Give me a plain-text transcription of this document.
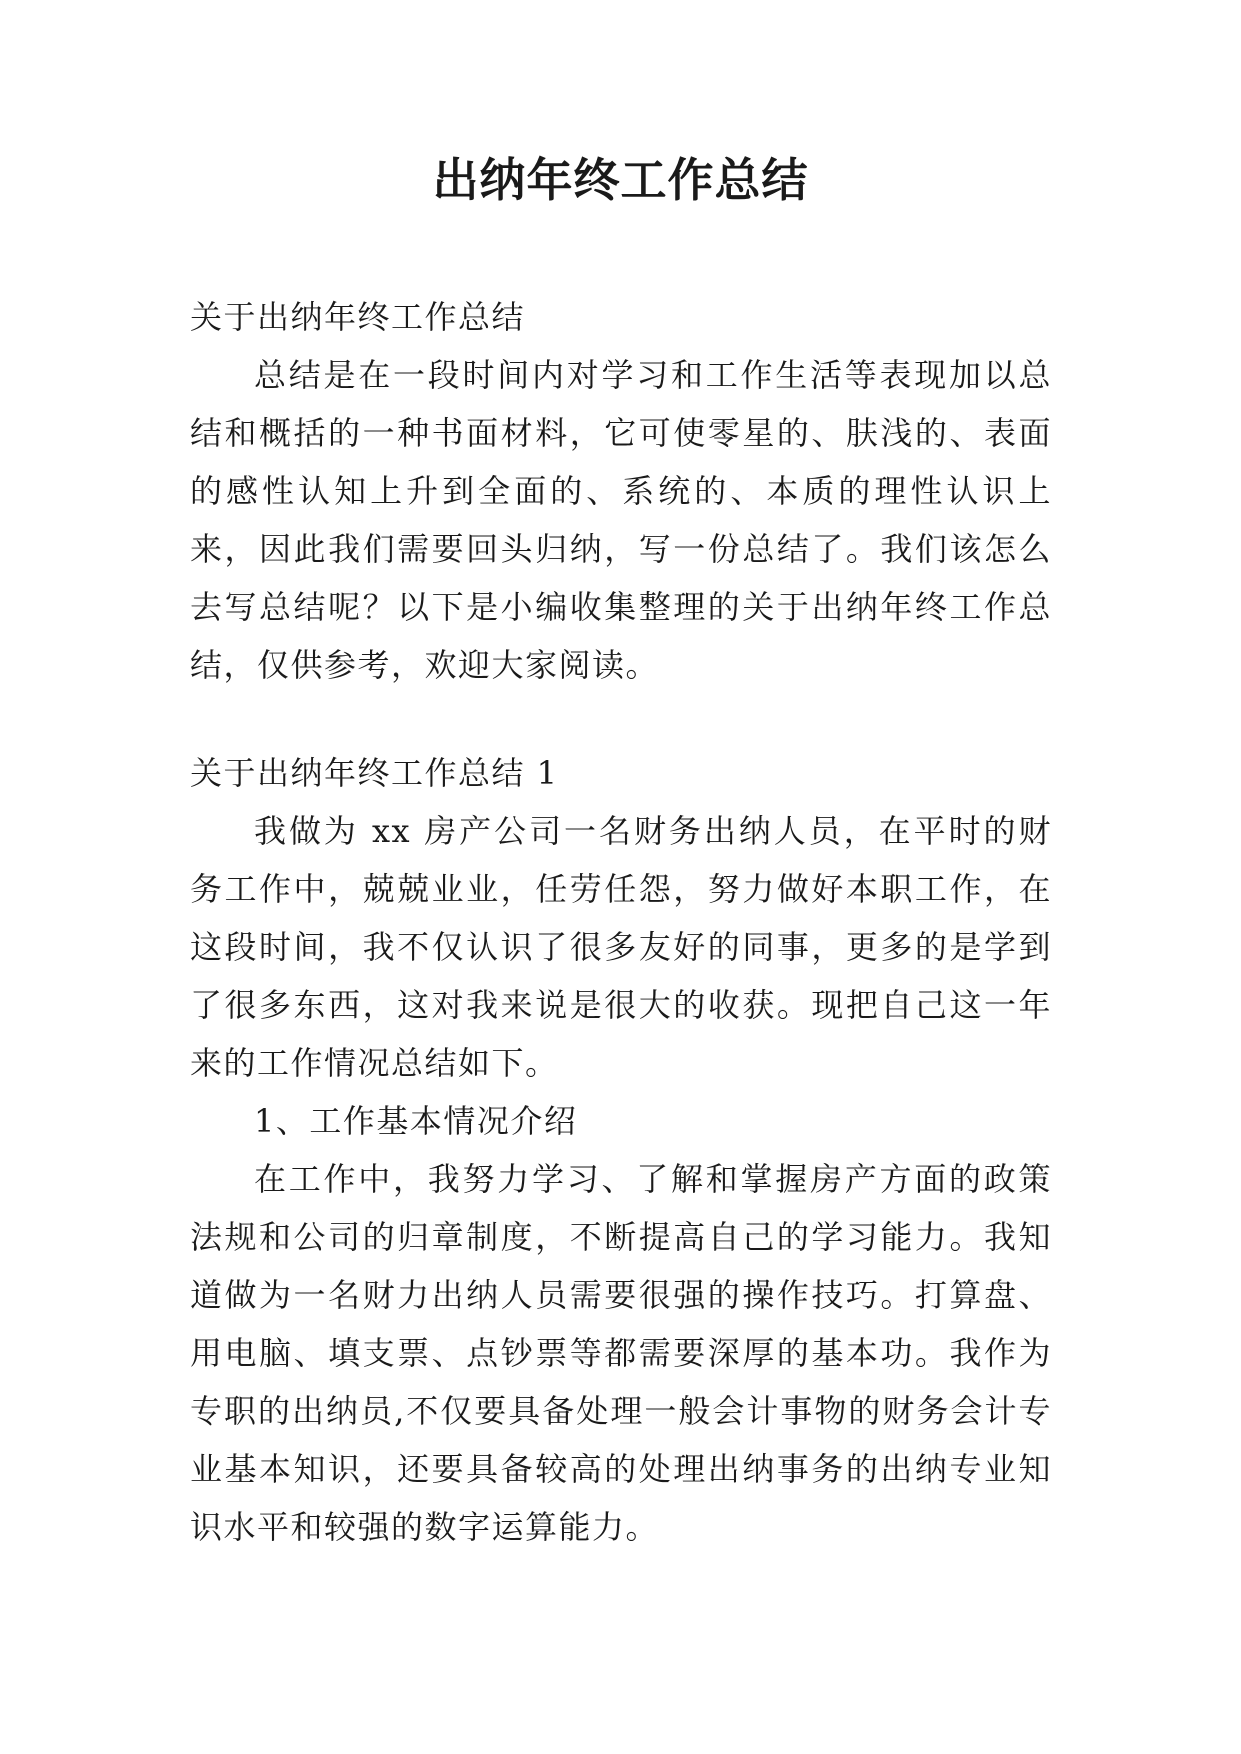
出纳年终工作总结

关于出纳年终工作总结

总结是在一段时间内对学习和工作生活等表现加以总结和概括的一种书面材料，它可使零星的、肤浅的、表面的感性认知上升到全面的、系统的、本质的理性认识上来，因此我们需要回头归纳，写一份总结了。我们该怎么去写总结呢？以下是小编收集整理的关于出纳年终工作总结，仅供参考，欢迎大家阅读。

关于出纳年终工作总结 1

我做为 xx 房产公司一名财务出纳人员，在平时的财务工作中，兢兢业业，任劳任怨，努力做好本职工作，在这段时间，我不仅认识了很多友好的同事，更多的是学到了很多东西，这对我来说是很大的收获。现把自己这一年来的工作情况总结如下。

1、工作基本情况介绍

在工作中，我努力学习、了解和掌握房产方面的政策法规和公司的归章制度，不断提高自己的学习能力。我知道做为一名财力出纳人员需要很强的操作技巧。打算盘、用电脑、填支票、点钞票等都需要深厚的基本功。我作为专职的出纳员,不仅要具备处理一般会计事物的财务会计专业基本知识，还要具备较高的处理出纳事务的出纳专业知识水平和较强的数字运算能力。
